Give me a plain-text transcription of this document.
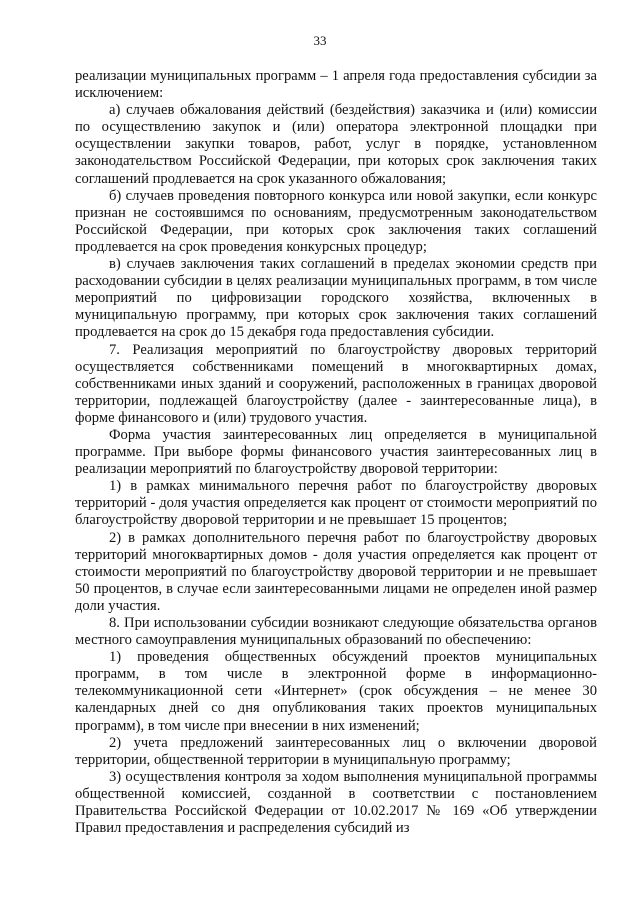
33

реализации муниципальных программ – 1 апреля года предоставления субсидии за исключением:

а) случаев обжалования действий (бездействия) заказчика и (или) комиссии по осуществлению закупок и (или) оператора электронной площадки при осуществлении закупки товаров, работ, услуг в порядке, установленном законодательством Российской Федерации, при которых срок заключения таких соглашений продлевается на срок указанного обжалования;

б) случаев проведения повторного конкурса или новой закупки, если конкурс признан не состоявшимся по основаниям, предусмотренным законодательством Российской Федерации, при которых срок заключения таких соглашений продлевается на срок проведения конкурсных процедур;

в) случаев заключения таких соглашений в пределах экономии средств при расходовании субсидии в целях реализации муниципальных программ, в том числе мероприятий по цифровизации городского хозяйства, включенных в муниципальную программу, при которых срок заключения таких соглашений продлевается на срок до 15 декабря года предоставления субсидии.

7. Реализация мероприятий по благоустройству дворовых территорий осуществляется собственниками помещений в многоквартирных домах, собственниками иных зданий и сооружений, расположенных в границах дворовой территории, подлежащей благоустройству (далее - заинтересованные лица), в форме финансового и (или) трудового участия.

Форма участия заинтересованных лиц определяется в муниципальной программе. При выборе формы финансового участия заинтересованных лиц в реализации мероприятий по благоустройству дворовой территории:

1) в рамках минимального перечня работ по благоустройству дворовых территорий - доля участия определяется как процент от стоимости мероприятий по благоустройству дворовой территории и не превышает 15 процентов;

2) в рамках дополнительного перечня работ по благоустройству дворовых территорий многоквартирных домов - доля участия определяется как процент от стоимости мероприятий по благоустройству дворовой территории и не превышает 50 процентов, в случае если заинтересованными лицами не определен иной размер доли участия.

8. При использовании субсидии возникают следующие обязательства органов местного самоуправления муниципальных образований по обеспечению:

1) проведения общественных обсуждений проектов муниципальных программ, в том числе в электронной форме в информационно-телекоммуникационной сети «Интернет» (срок обсуждения – не менее 30 календарных дней со дня опубликования таких проектов муниципальных программ), в том числе при внесении в них изменений;

2) учета предложений заинтересованных лиц о включении дворовой территории, общественной территории в муниципальную программу;

3) осуществления контроля за ходом выполнения муниципальной программы общественной комиссией, созданной в соответствии с постановлением Правительства Российской Федерации от 10.02.2017 № 169 «Об утверждении Правил предоставления и распределения субсидий из
